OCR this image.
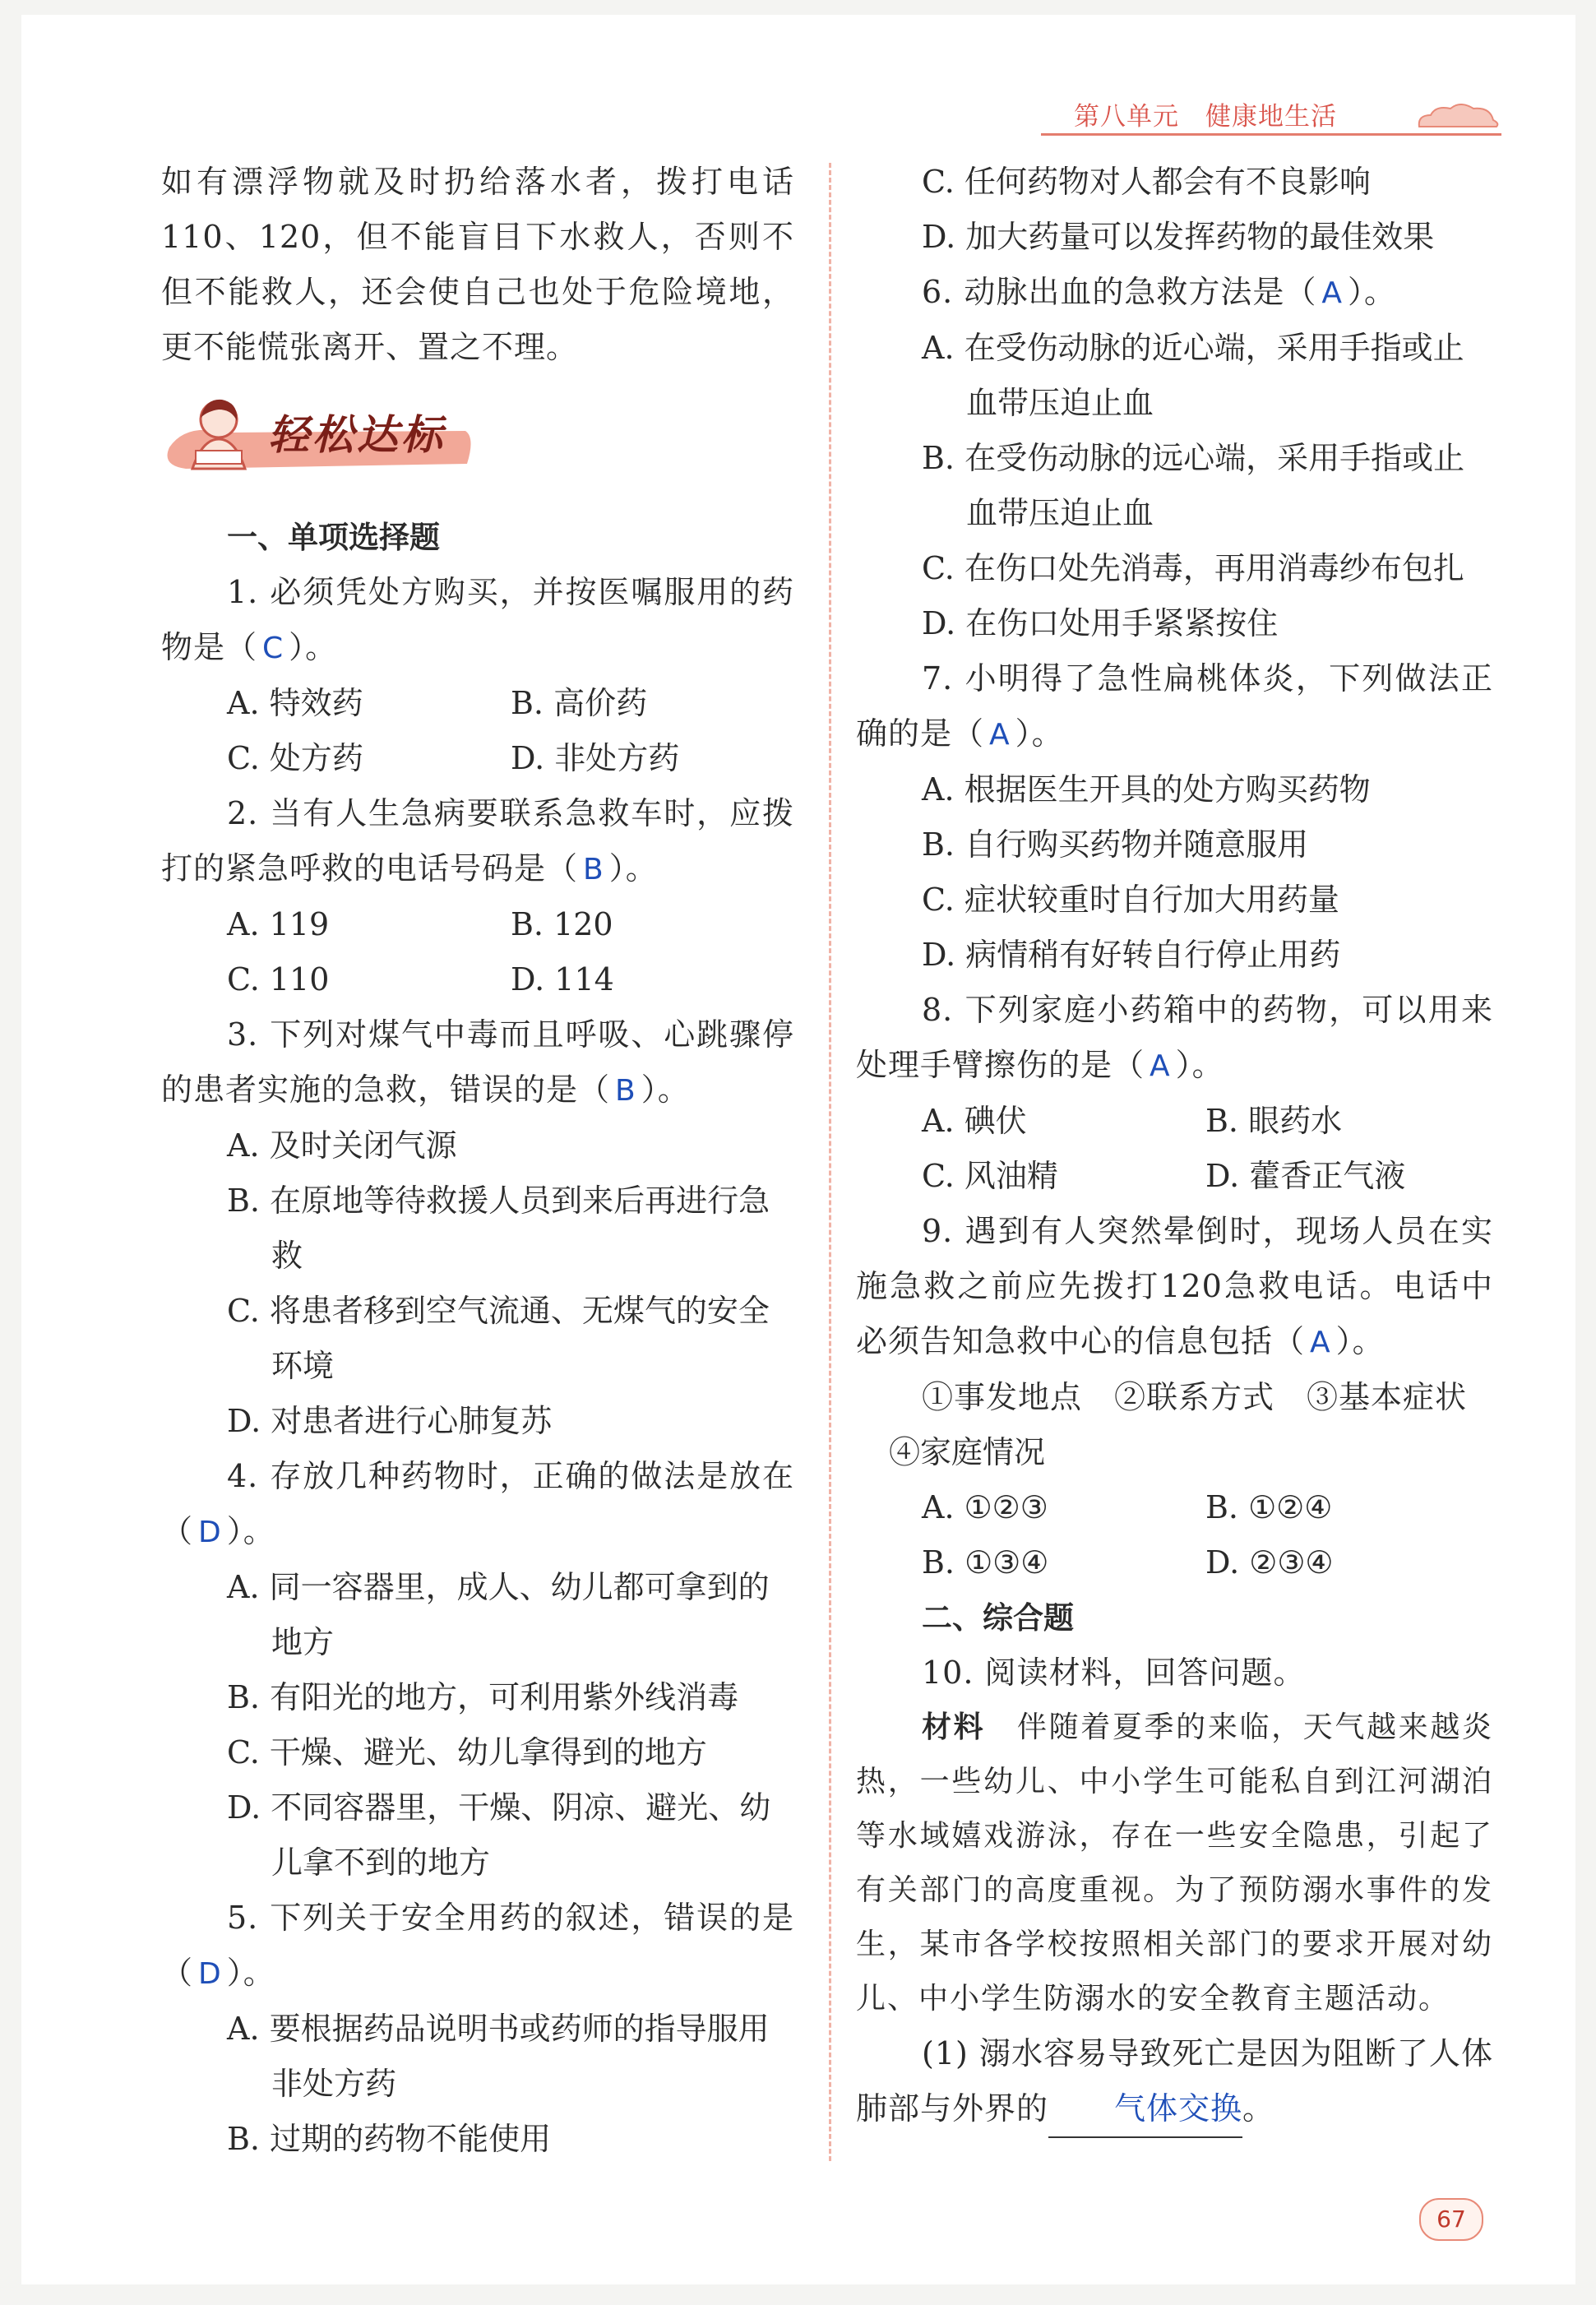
第八单元　 健康地生活

如有漂浮物就及时扔给落水者，拨打电话110、120，但不能盲目下水救人，否则不但不能救人，还会使自己也处于危险境地，更不能慌张离开、置之不理。

轻松达标

一、单项选择题

1. 必须凭处方购买，并按医嘱服用的药物是（ C ）。

A. 特效药	B. 高价药
C. 处方药	D. 非处方药

2. 当有人生急病要联系急救车时，应拨打的紧急呼救的电话号码是（ B ）。

A. 119	B. 120
C. 110	D. 114

3. 下列对煤气中毒而且呼吸、心跳骤停的患者实施的急救，错误的是（ B ）。

A. 及时关闭气源

B. 在原地等待救援人员到来后再进行急救

C. 将患者移到空气流通、无煤气的安全环境

D. 对患者进行心肺复苏

4. 存放几种药物时，正确的做法是放在（ D ）。

A. 同一容器里，成人、幼儿都可拿到的地方

B. 有阳光的地方，可利用紫外线消毒

C. 干燥、避光、幼儿拿得到的地方

D. 不同容器里，干燥、阴凉、避光、幼儿拿不到的地方

5. 下列关于安全用药的叙述，错误的是（ D ）。

A. 要根据药品说明书或药师的指导服用非处方药

B. 过期的药物不能使用

C. 任何药物对人都会有不良影响

D. 加大药量可以发挥药物的最佳效果

6. 动脉出血的急救方法是（ A ）。

A. 在受伤动脉的近心端，采用手指或止血带压迫止血

B. 在受伤动脉的远心端，采用手指或止血带压迫止血

C. 在伤口处先消毒，再用消毒纱布包扎

D. 在伤口处用手紧紧按住

7. 小明得了急性扁桃体炎，下列做法正确的是（ A ）。

A. 根据医生开具的处方购买药物

B. 自行购买药物并随意服用

C. 症状较重时自行加大用药量

D. 病情稍有好转自行停止用药

8. 下列家庭小药箱中的药物，可以用来处理手臂擦伤的是（ A ）。

A. 碘伏	B. 眼药水
C. 风油精	D. 藿香正气液

9. 遇到有人突然晕倒时，现场人员在实施急救之前应先拨打120急救电话。电话中必须告知急救中心的信息包括（ A ）。

①事发地点　②联系方式　③基本症状

④家庭情况

A. ①②③	B. ①②④
B. ①③④	D. ②③④

二、综合题

10. 阅读材料，回答问题。

材料　 伴随着夏季的来临，天气越来越炎热，一些幼儿、中小学生可能私自到江河湖泊等水域嬉戏游泳，存在一些安全隐患，引起了有关部门的高度重视。为了预防溺水事件的发生，某市各学校按照相关部门的要求开展对幼儿、中小学生防溺水的安全教育主题活动。

(1) 溺水容易导致死亡是因为阻断了人体肺部与外界的 气体交换。

67
